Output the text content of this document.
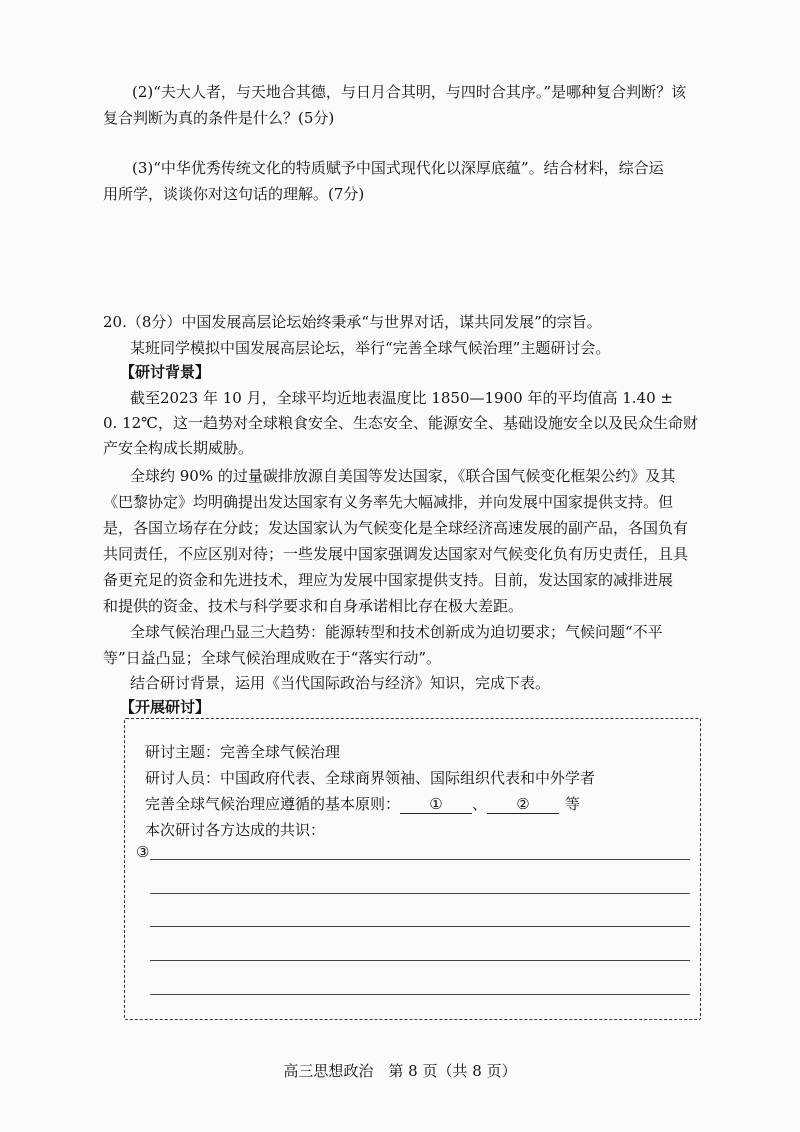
(2)“夫大人者，与天地合其德，与日月合其明，与四时合其序。”是哪种复合判断？该
复合判断为真的条件是什么？(5分)
(3)“中华优秀传统文化的特质赋予中国式现代化以深厚底蕴”。结合材料，综合运
用所学，谈谈你对这句话的理解。(7分)
20.（8分）中国发展高层论坛始终秉承“与世界对话，谋共同发展”的宗旨。
某班同学模拟中国发展高层论坛，举行“完善全球气候治理”主题研讨会。
【研讨背景】
截至2023 年 10 月，全球平均近地表温度比 1850—1900 年的平均值高 1.40 ±
0. 12℃，这一趋势对全球粮食安全、生态安全、能源安全、基础设施安全以及民众生命财
产安全构成长期威胁。
全球约 90% 的过量碳排放源自美国等发达国家，《联合国气候变化框架公约》及其
《巴黎协定》均明确提出发达国家有义务率先大幅减排，并向发展中国家提供支持。但
是，各国立场存在分歧；发达国家认为气候变化是全球经济高速发展的副产品，各国负有
共同责任，不应区别对待；一些发展中国家强调发达国家对气候变化负有历史责任，且具
备更充足的资金和先进技术，理应为发展中国家提供支持。目前，发达国家的减排进展
和提供的资金、技术与科学要求和自身承诺相比存在极大差距。
全球气候治理凸显三大趋势：能源转型和技术创新成为迫切要求；气候问题“不平
等”日益凸显；全球气候治理成败在于“落实行动”。
结合研讨背景，运用《当代国际政治与经济》知识，完成下表。
【开展研讨】
研讨主题：完善全球气候治理
研讨人员：中国政府代表、全球商界领袖、国际组织代表和中外学者
完善全球气候治理应遵循的基本原则： ① 、 ② 等
本次研讨各方达成的共识：
③
高三思想政治　第 8 页（共 8 页）
